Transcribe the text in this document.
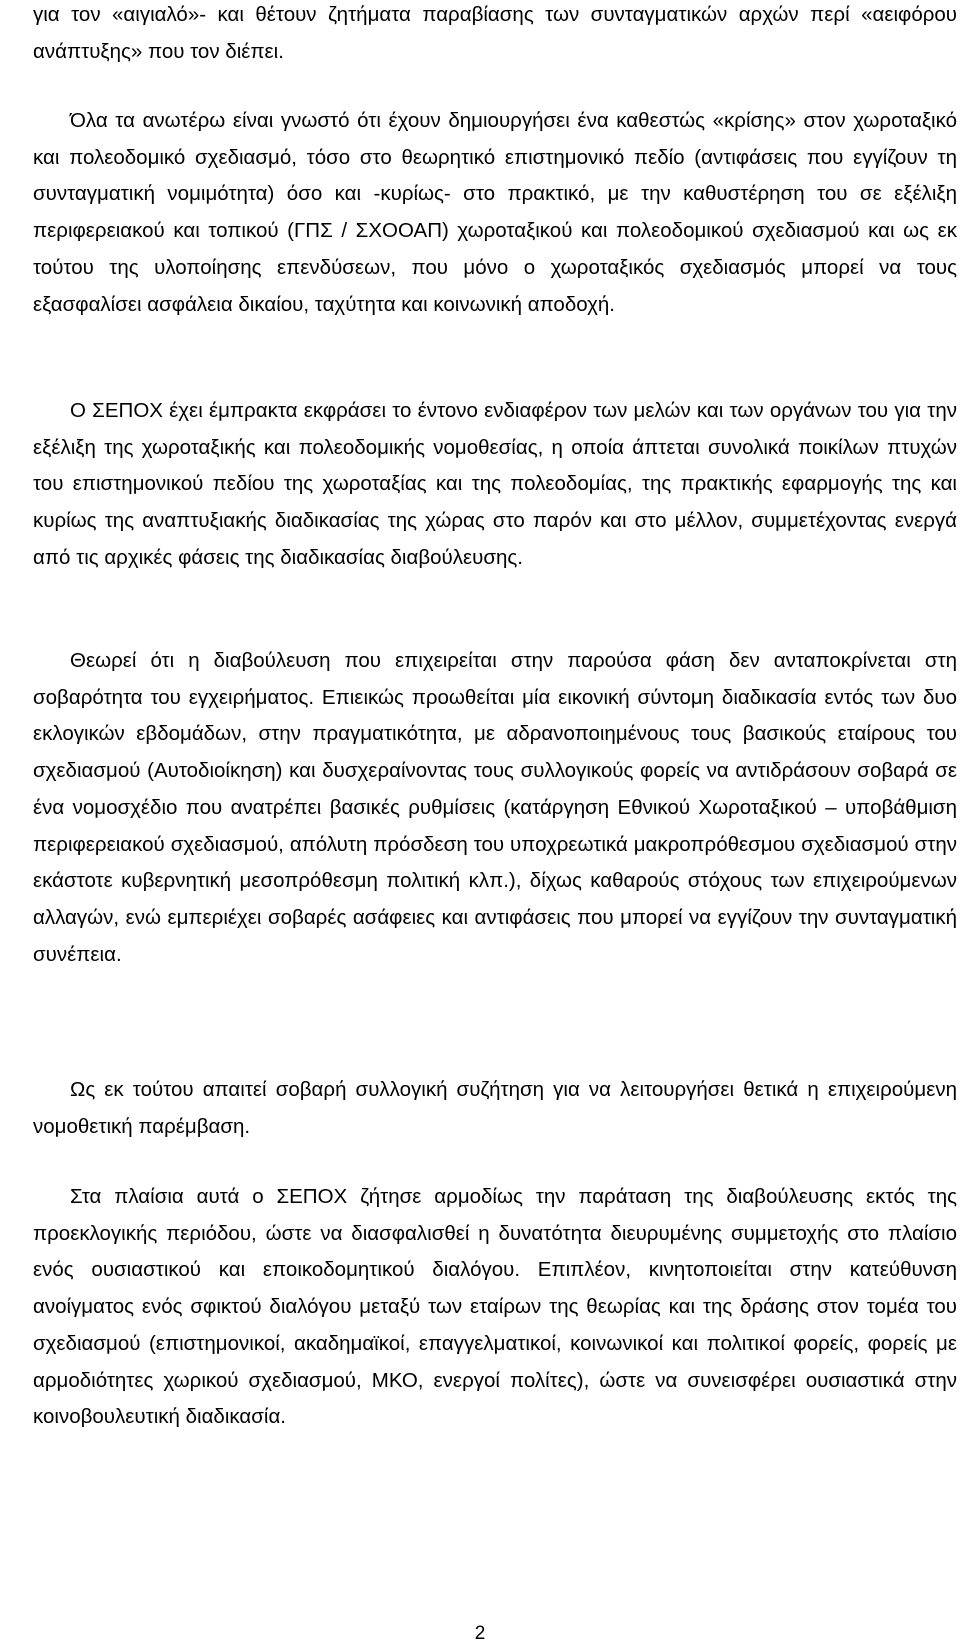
για τον «αιγιαλό»- και θέτουν ζητήματα παραβίασης των συνταγματικών αρχών περί «αειφόρου ανάπτυξης» που τον διέπει.

Όλα τα ανωτέρω είναι γνωστό ότι έχουν δημιουργήσει ένα καθεστώς «κρίσης» στον χωροταξικό και πολεοδομικό σχεδιασμό, τόσο στο θεωρητικό επιστημονικό πεδίο (αντιφάσεις που εγγίζουν τη συνταγματική νομιμότητα) όσο και -κυρίως- στο πρακτικό, με την καθυστέρηση του σε εξέλιξη περιφερειακού και τοπικού (ΓΠΣ / ΣΧΟΟΑΠ) χωροταξικού και πολεοδομικού σχεδιασμού και ως εκ τούτου της υλοποίησης επενδύσεων, που μόνο ο χωροταξικός σχεδιασμός μπορεί να τους εξασφαλίσει ασφάλεια δικαίου, ταχύτητα και κοινωνική αποδοχή.

Ο ΣΕΠΟΧ έχει έμπρακτα εκφράσει το έντονο ενδιαφέρον των μελών και των οργάνων του για την εξέλιξη της χωροταξικής και πολεοδομικής νομοθεσίας, η οποία άπτεται συνολικά ποικίλων πτυχών του επιστημονικού πεδίου της χωροταξίας και της πολεοδομίας, της πρακτικής εφαρμογής της και κυρίως της αναπτυξιακής διαδικασίας της χώρας στο παρόν και στο μέλλον, συμμετέχοντας ενεργά από τις αρχικές φάσεις της διαδικασίας διαβούλευσης.

Θεωρεί ότι η διαβούλευση που επιχειρείται στην παρούσα φάση δεν ανταποκρίνεται στη σοβαρότητα του εγχειρήματος. Επιεικώς προωθείται μία εικονική σύντομη διαδικασία εντός των δυο εκλογικών εβδομάδων, στην πραγματικότητα, με αδρανοποιημένους τους βασικούς εταίρους του σχεδιασμού (Αυτοδιοίκηση) και δυσχεραίνοντας τους συλλογικούς φορείς να αντιδράσουν σοβαρά σε ένα νομοσχέδιο που ανατρέπει βασικές ρυθμίσεις (κατάργηση Εθνικού Χωροταξικού – υποβάθμιση περιφερειακού σχεδιασμού, απόλυτη πρόσδεση του υποχρεωτικά μακροπρόθεσμου σχεδιασμού στην εκάστοτε κυβερνητική μεσοπρόθεσμη πολιτική κλπ.), δίχως καθαρούς στόχους των επιχειρούμενων αλλαγών, ενώ εμπεριέχει σοβαρές ασάφειες και αντιφάσεις που μπορεί να εγγίζουν την συνταγματική συνέπεια.

Ως εκ τούτου απαιτεί σοβαρή συλλογική συζήτηση για να λειτουργήσει θετικά η επιχειρούμενη νομοθετική παρέμβαση.

Στα πλαίσια αυτά ο ΣΕΠΟΧ ζήτησε αρμοδίως την παράταση της διαβούλευσης εκτός της προεκλογικής περιόδου, ώστε να διασφαλισθεί η δυνατότητα διευρυμένης συμμετοχής στο πλαίσιο ενός ουσιαστικού και εποικοδομητικού διαλόγου. Επιπλέον, κινητοποιείται στην κατεύθυνση ανοίγματος ενός σφικτού διαλόγου μεταξύ των εταίρων της θεωρίας και της δράσης στον τομέα του σχεδιασμού (επιστημονικοί, ακαδημαϊκοί, επαγγελματικοί, κοινωνικοί και πολιτικοί φορείς, φορείς με αρμοδιότητες χωρικού σχεδιασμού, ΜΚΟ, ενεργοί πολίτες), ώστε να συνεισφέρει ουσιαστικά στην κοινοβουλευτική διαδικασία.

2
